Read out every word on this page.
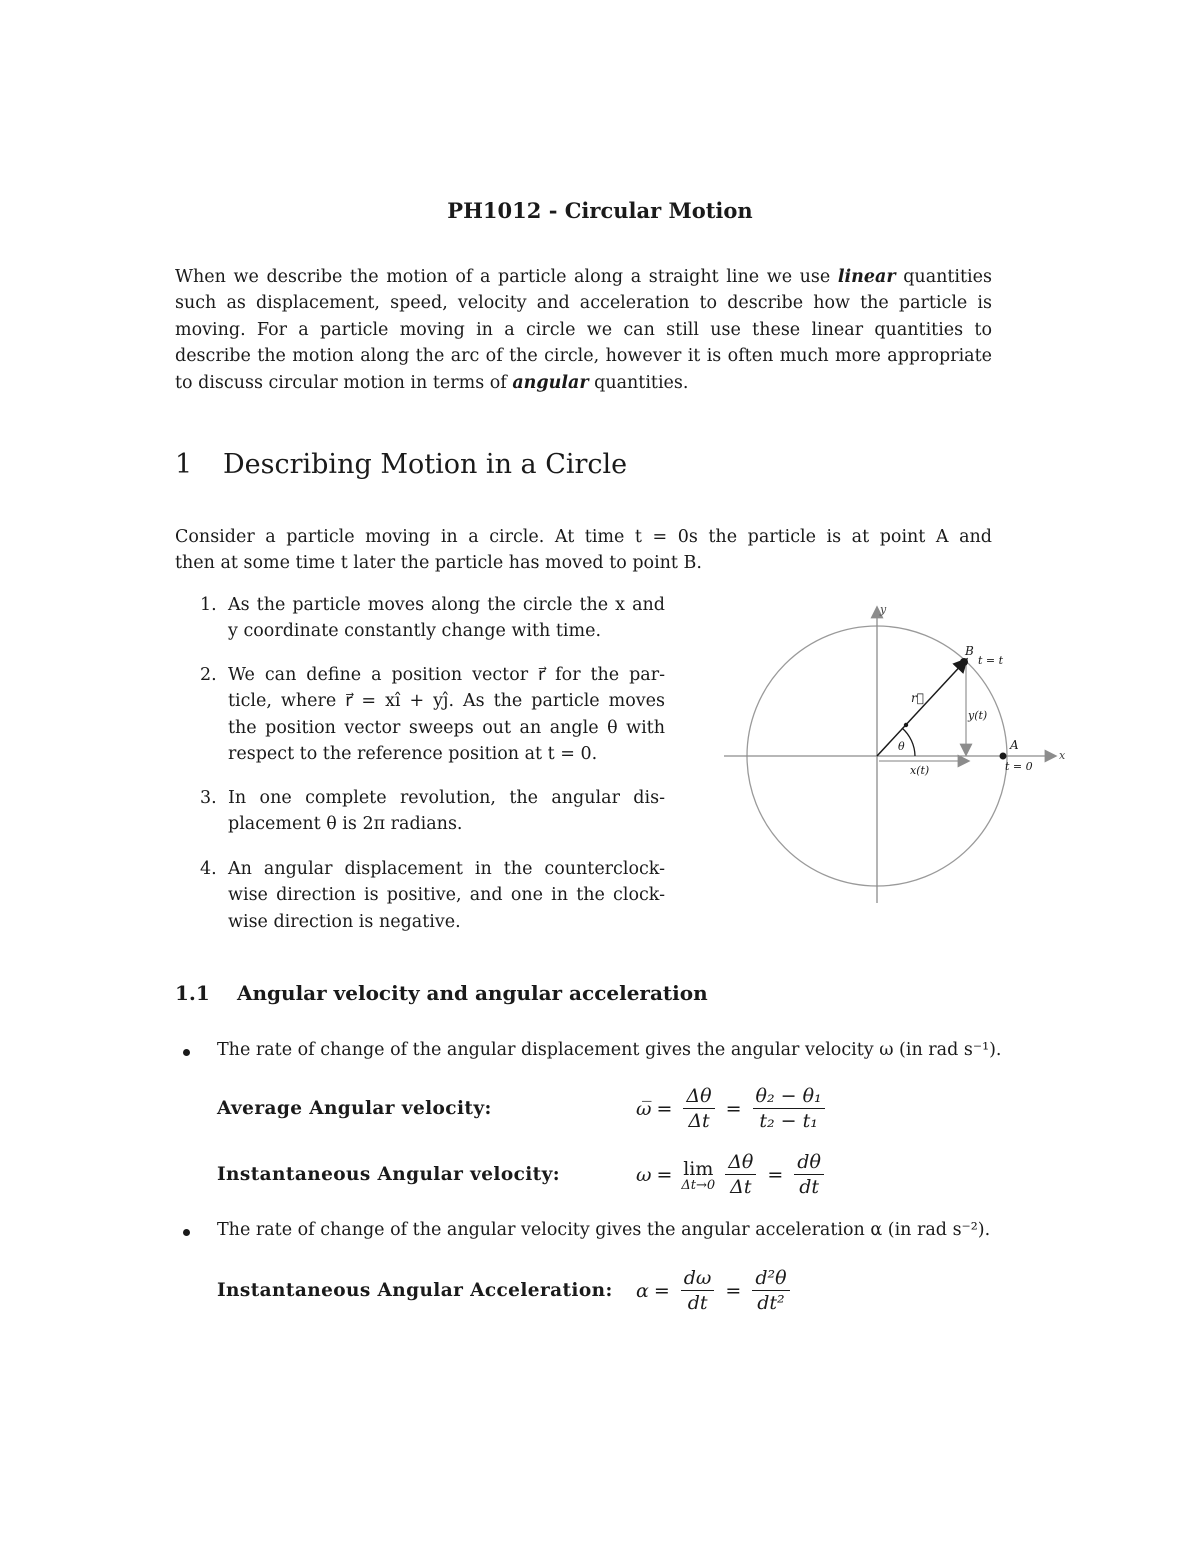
PH1012 - Circular Motion
When we describe the motion of a particle along a straight line we use linear quantities
such as displacement, speed, velocity and acceleration to describe how the particle is
moving. For a particle moving in a circle we can still use these linear quantities to
describe the motion along the arc of the circle, however it is often much more appropriate
to discuss circular motion in terms of angular quantities.
1 Describing Motion in a Circle
Consider a particle moving in a circle. At time t = 0s the particle is at point A and
then at some time t later the particle has moved to point B.
1. As the particle moves along the circle the x and
y coordinate constantly change with time.
2. We can define a position vector r⃗ for the par-
ticle, where r⃗ = xî + yĵ. As the particle moves
the position vector sweeps out an angle θ with
respect to the reference position at t = 0.
3. In one complete revolution, the angular dis-
placement θ is 2π radians.
4. An angular displacement in the counterclock-
wise direction is positive, and one in the clock-
wise direction is negative.
y
x
B
t = t
A
t = 0
r⃗
θ
y(t)
x(t)
1.1 Angular velocity and angular acceleration
The rate of change of the angular displacement gives the angular velocity ω (in rad s⁻¹).
Average Angular velocity:	ω̅ = $\frac{\Delta\theta}{\Delta t} = \frac{\text{θ₂ − θ₁}}{\text{t₂ − t₁}}$
Instantaneous Angular velocity:	ω = lim
$\Delta t\to 0 \frac{\Delta\theta}{\Delta t} = \frac{d\theta}{dt}$
The rate of change of the angular velocity gives the angular acceleration α (in rad s⁻²).
Instantaneous Angular Acceleration: $\alpha = \frac{d\omega}{dt} = \frac{\text{d²θ}}{\text{dt²}}$
